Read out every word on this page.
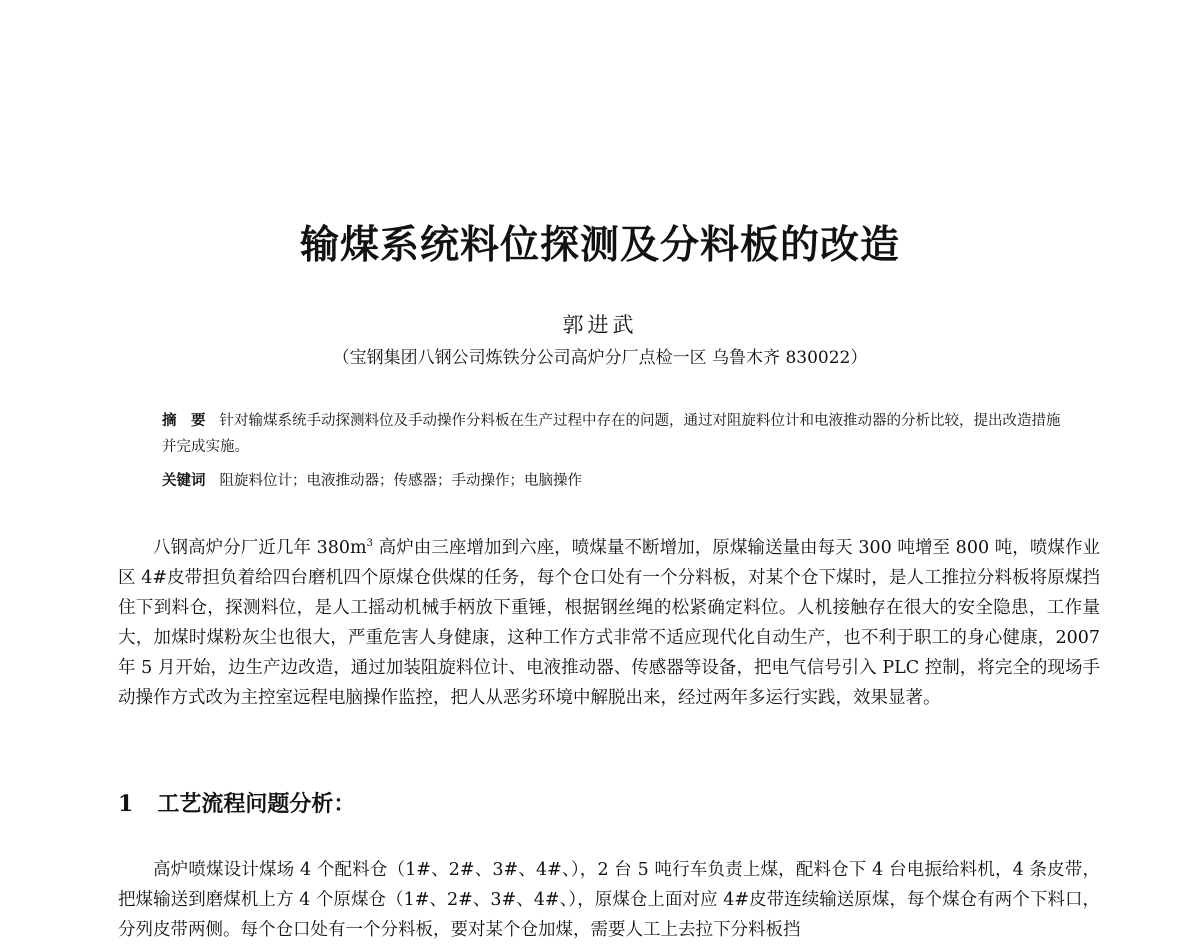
输煤系统料位探测及分料板的改造

郭进武

（宝钢集团八钢公司炼铁分公司高炉分厂点检一区 乌鲁木齐 830022）

摘　要 针对输煤系统手动探测料位及手动操作分料板在生产过程中存在的问题，通过对阻旋料位计和电液推动器的分析比较，提出改造措施并完成实施。

关键词 阻旋料位计；电液推动器；传感器；手动操作；电脑操作

八钢高炉分厂近几年 $380m^3$ 高炉由三座增加到六座，喷煤量不断增加，原煤输送量由每天 300 吨增至 800 吨，喷煤作业区 4#皮带担负着给四台磨机四个原煤仓供煤的任务，每个仓口处有一个分料板，对某个仓下煤时，是人工推拉分料板将原煤挡住下到料仓，探测料位，是人工摇动机械手柄放下重锤，根据钢丝绳的松紧确定料位。人机接触存在很大的安全隐患，工作量大，加煤时煤粉灰尘也很大，严重危害人身健康，这种工作方式非常不适应现代化自动生产，也不利于职工的身心健康，2007 年 5 月开始，边生产边改造，通过加装阻旋料位计、电液推动器、传感器等设备，把电气信号引入 PLC 控制，将完全的现场手动操作方式改为主控室远程电脑操作监控，把人从恶劣环境中解脱出来，经过两年多运行实践，效果显著。

1 工艺流程问题分析：

高炉喷煤设计煤场 4 个配料仓（1#、2#、3#、4#、），2 台 5 吨行车负责上煤，配料仓下 4 台电振给料机，4 条皮带，把煤输送到磨煤机上方 4 个原煤仓（1#、2#、3#、4#、），原煤仓上面对应 4#皮带连续输送原煤，每个煤仓有两个下料口，分列皮带两侧。每个仓口处有一个分料板，要对某个仓加煤，需要人工上去拉下分料板挡
